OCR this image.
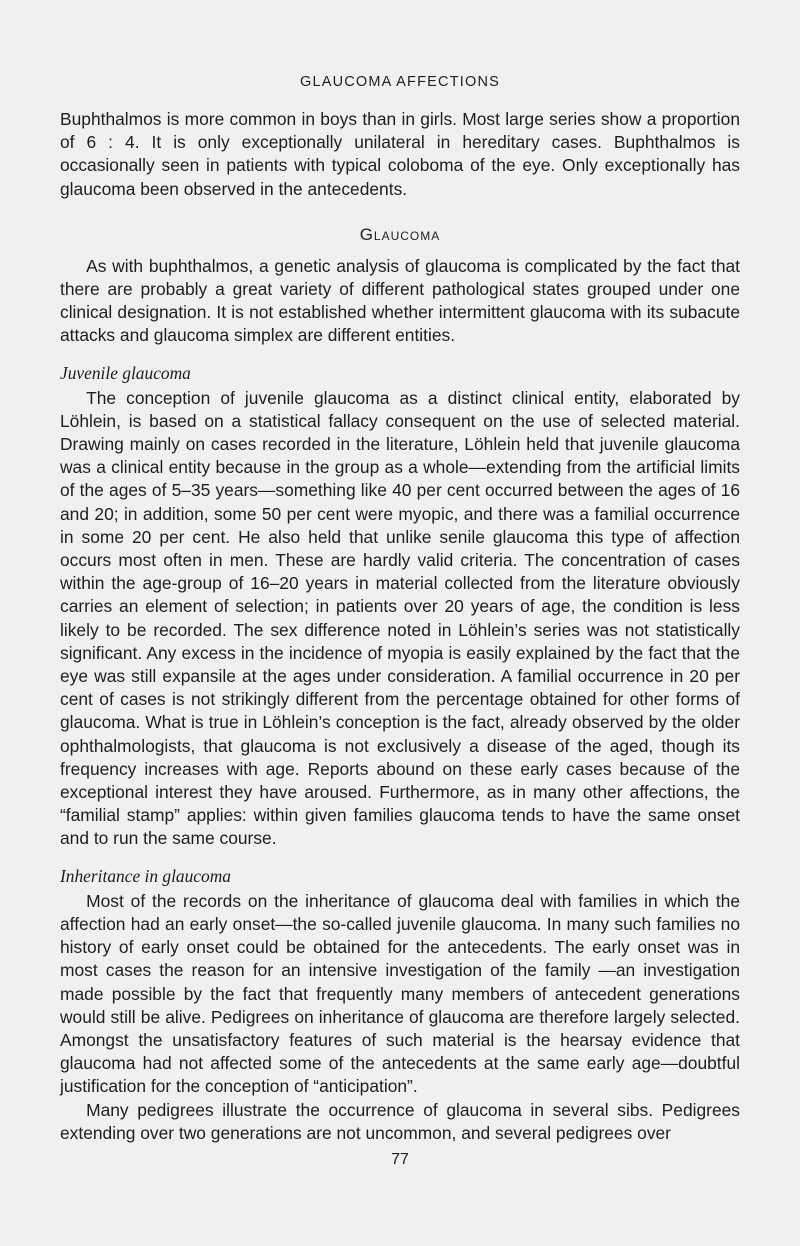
GLAUCOMA AFFECTIONS

Buphthalmos is more common in boys than in girls. Most large series show a proportion of 6 : 4. It is only exceptionally unilateral in hereditary cases. Buphthalmos is occasionally seen in patients with typical coloboma of the eye. Only exceptionally has glaucoma been observed in the antecedents.

Glaucoma

As with buphthalmos, a genetic analysis of glaucoma is complicated by the fact that there are probably a great variety of different pathological states grouped under one clinical designation. It is not established whether intermittent glaucoma with its subacute attacks and glaucoma simplex are different entities.

Juvenile glaucoma

The conception of juvenile glaucoma as a distinct clinical entity, elaborated by Löhlein, is based on a statistical fallacy consequent on the use of selected material. Drawing mainly on cases recorded in the literature, Löhlein held that juvenile glaucoma was a clinical entity because in the group as a whole—extending from the artificial limits of the ages of 5–35 years—something like 40 per cent occurred between the ages of 16 and 20; in addition, some 50 per cent were myopic, and there was a familial occurrence in some 20 per cent. He also held that unlike senile glaucoma this type of affection occurs most often in men. These are hardly valid criteria. The concentration of cases within the age-group of 16–20 years in material collected from the literature obviously carries an element of selection; in patients over 20 years of age, the condition is less likely to be recorded. The sex difference noted in Löhlein’s series was not statistically significant. Any excess in the incidence of myopia is easily explained by the fact that the eye was still expansile at the ages under consideration. A familial occurrence in 20 per cent of cases is not strikingly different from the percentage obtained for other forms of glaucoma. What is true in Löhlein’s conception is the fact, already observed by the older ophthalmologists, that glaucoma is not exclusively a disease of the aged, though its frequency increases with age. Reports abound on these early cases because of the exceptional interest they have aroused. Furthermore, as in many other affections, the “familial stamp” applies: within given families glaucoma tends to have the same onset and to run the same course.

Inheritance in glaucoma

Most of the records on the inheritance of glaucoma deal with families in which the affection had an early onset—the so-called juvenile glaucoma. In many such families no history of early onset could be obtained for the antecedents. The early onset was in most cases the reason for an intensive investigation of the family —an investigation made possible by the fact that frequently many members of antecedent generations would still be alive. Pedigrees on inheritance of glaucoma are therefore largely selected. Amongst the unsatisfactory features of such material is the hearsay evidence that glaucoma had not affected some of the antecedents at the same early age—doubtful justification for the conception of “anticipation”.

Many pedigrees illustrate the occurrence of glaucoma in several sibs. Pedigrees extending over two generations are not uncommon, and several pedigrees over

77
